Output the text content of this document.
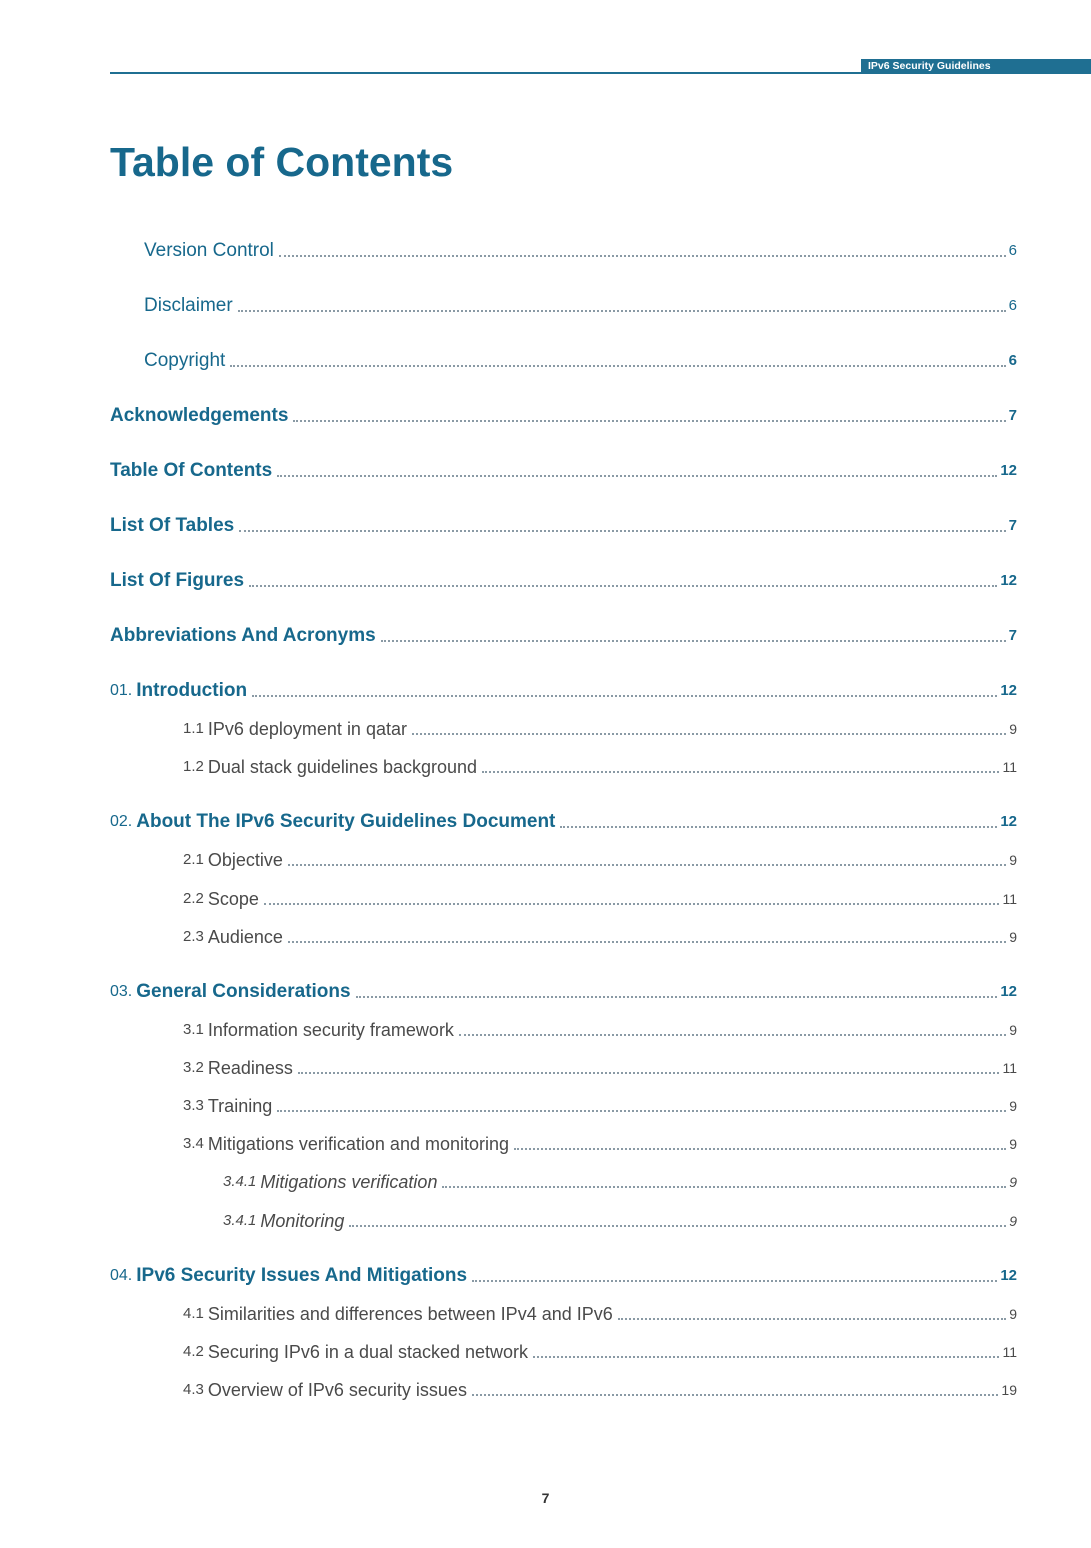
IPv6 Security Guidelines
Table of Contents
Version Control	6
Disclaimer	6
Copyright	6
Acknowledgements	7
Table Of Contents	12
List Of Tables	7
List Of Figures	12
Abbreviations And Acronyms	7
01. Introduction	12
1.1 IPv6 deployment in qatar	9
1.2 Dual stack guidelines background	11
02. About The IPv6 Security Guidelines Document	12
2.1 Objective	9
2.2 Scope	11
2.3 Audience	9
03. General Considerations	12
3.1 Information security framework	9
3.2 Readiness	11
3.3 Training	9
3.4 Mitigations verification and monitoring	9
3.4.1 Mitigations verification	9
3.4.1 Monitoring	9
04. IPv6 Security Issues And Mitigations	12
4.1 Similarities and differences between IPv4 and IPv6	9
4.2 Securing IPv6 in a dual stacked network	11
4.3 Overview of IPv6 security issues	19
7
